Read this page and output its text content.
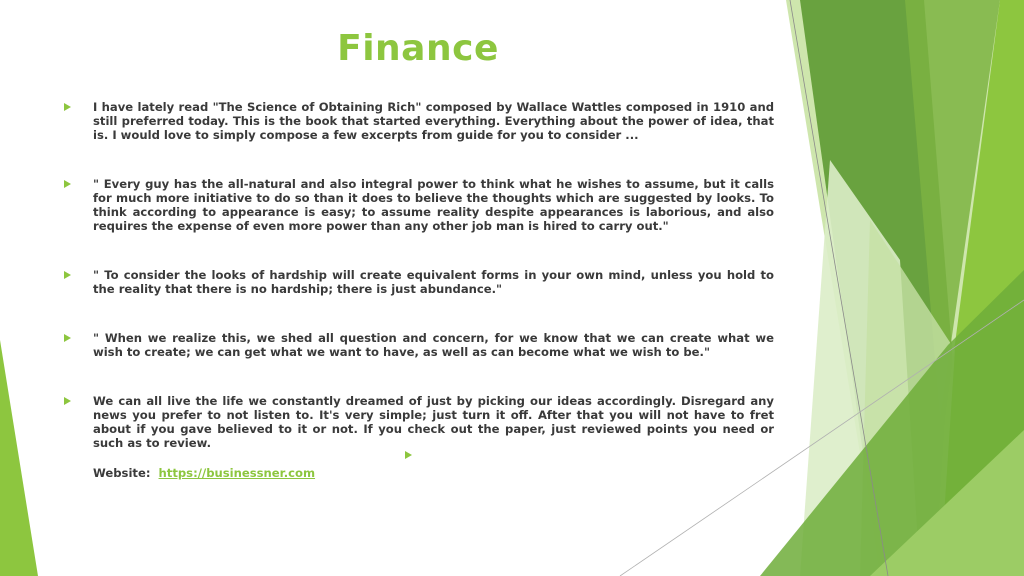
Finance
I have lately read "The Science of Obtaining Rich" composed by Wallace Wattles composed in 1910 and still preferred today. This is the book that started everything. Everything about the power of idea, that is. I would love to simply compose a few excerpts from guide for you to consider ...
" Every guy has the all-natural and also integral power to think what he wishes to assume, but it calls for much more initiative to do so than it does to believe the thoughts which are suggested by looks. To think according to appearance is easy; to assume reality despite appearances is laborious, and also requires the expense of even more power than any other job man is hired to carry out."
" To consider the looks of hardship will create equivalent forms in your own mind, unless you hold to the reality that there is no hardship; there is just abundance."
" When we realize this, we shed all question and concern, for we know that we can create what we wish to create; we can get what we want to have, as well as can become what we wish to be."
We can all live the life we constantly dreamed of just by picking our ideas accordingly. Disregard any news you prefer to not listen to. It's very simple; just turn it off. After that you will not have to fret about if you gave believed to it or not. If you check out the paper, just reviewed points you need or such as to review.
Website: https://businessner.com
